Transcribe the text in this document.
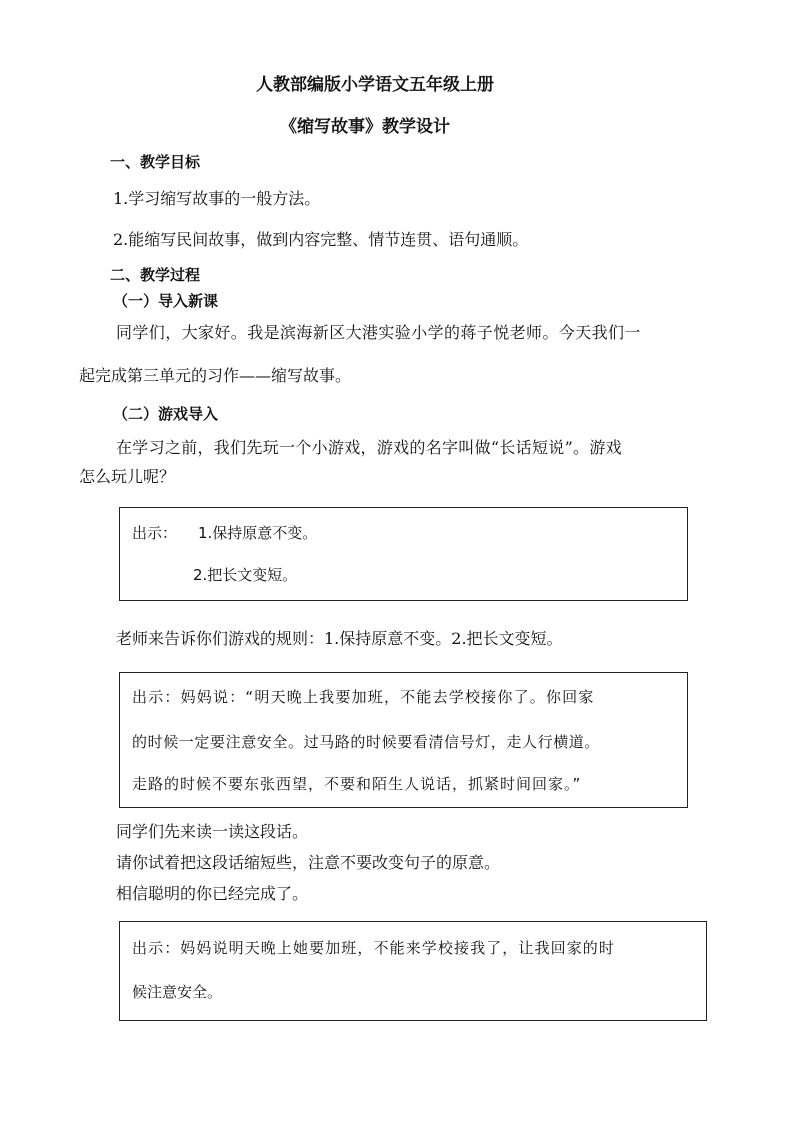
人教部编版小学语文五年级上册
《缩写故事》教学设计
一、教学目标
1.学习缩写故事的一般方法。
2.能缩写民间故事，做到内容完整、情节连贯、语句通顺。
二、教学过程
（一）导入新课
同学们，大家好。我是滨海新区大港实验小学的蒋子悦老师。今天我们一
起完成第三单元的习作——缩写故事。
（二）游戏导入
在学习之前，我们先玩一个小游戏，游戏的名字叫做“长话短说”。游戏
怎么玩儿呢？
出示： 1.保持原意不变。
2.把长文变短。
老师来告诉你们游戏的规则：1.保持原意不变。2.把长文变短。
出示：妈妈说：“明天晚上我要加班，不能去学校接你了。你回家
的时候一定要注意安全。过马路的时候要看清信号灯，走人行横道。
走路的时候不要东张西望，不要和陌生人说话，抓紧时间回家。”
同学们先来读一读这段话。
请你试着把这段话缩短些，注意不要改变句子的原意。
相信聪明的你已经完成了。
出示：妈妈说明天晚上她要加班，不能来学校接我了，让我回家的时
候注意安全。
